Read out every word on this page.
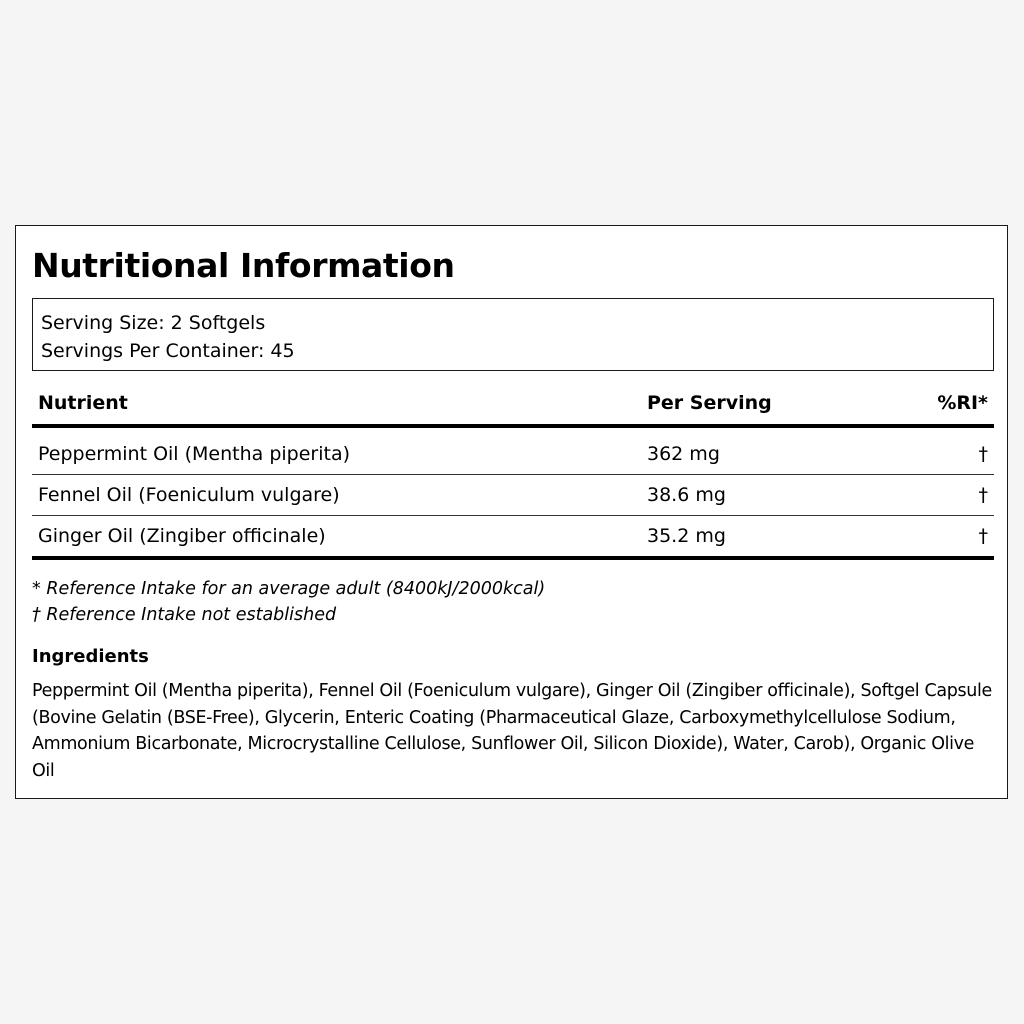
Nutritional Information
Serving Size: 2 Softgels
Servings Per Container: 45
Nutrient	Per Serving	%RI*
Peppermint Oil (Mentha piperita)	362 mg	†
Fennel Oil (Foeniculum vulgare)	38.6 mg	†
Ginger Oil (Zingiber officinale)	35.2 mg	†
* Reference Intake for an average adult (8400kJ/2000kcal)
† Reference Intake not established
Ingredients

Peppermint Oil (Mentha piperita), Fennel Oil (Foeniculum vulgare), Ginger Oil (Zingiber officinale), Softgel Capsule (Bovine Gelatin (BSE-Free), Glycerin, Enteric Coating (Pharmaceutical Glaze, Carboxymethylcellulose Sodium, Ammonium Bicarbonate, Microcrystalline Cellulose, Sunflower Oil, Silicon Dioxide), Water, Carob), Organic Olive Oil
